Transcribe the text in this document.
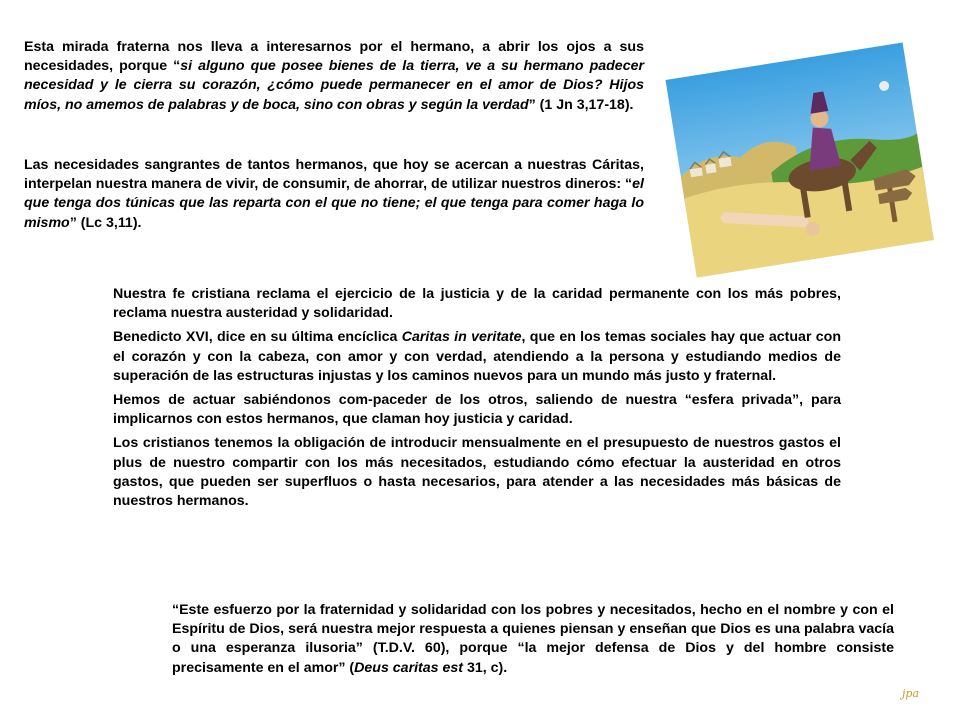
Esta mirada fraterna nos lleva a interesarnos por el hermano, a abrir los ojos a sus necesidades, porque “si alguno que posee bienes de la tierra, ve a su hermano padecer necesidad y le cierra su corazón, ¿cómo puede permanecer en el amor de Dios? Hijos míos, no amemos de palabras y de boca, sino con obras y según la verdad” (1 Jn 3,17-18).
Las necesidades sangrantes de tantos hermanos, que hoy se acercan a nuestras Cáritas, interpelan nuestra manera de vivir, de consumir, de ahorrar, de utilizar nuestros dineros: “el que tenga dos túnicas que las reparta con el que no tiene; el que tenga para comer haga lo mismo” (Lc 3,11).

Nuestra fe cristiana reclama el ejercicio de la justicia y de la caridad permanente con los más pobres, reclama nuestra austeridad y solidaridad.

Benedicto XVI, dice en su última encíclica Caritas in veritate, que en los temas sociales hay que actuar con el corazón y con la cabeza, con amor y con verdad, atendiendo a la persona y estudiando medios de superación de las estructuras injustas y los caminos nuevos para un mundo más justo y fraternal.

Hemos de actuar sabiéndonos com-paceder de los otros, saliendo de nuestra “esfera privada”, para implicarnos con estos hermanos, que claman hoy justicia y caridad.

Los cristianos tenemos la obligación de introducir mensualmente en el presupuesto de nuestros gastos el plus de nuestro compartir con los más necesitados, estudiando cómo efectuar la austeridad en otros gastos, que pueden ser superfluos o hasta necesarios, para atender a las necesidades más básicas de nuestros hermanos.

“Este esfuerzo por la fraternidad y solidaridad con los pobres y necesitados, hecho en el nombre y con el Espíritu de Dios, será nuestra mejor respuesta a quienes piensan y enseñan que Dios es una palabra vacía o una esperanza ilusoria” (T.D.V. 60), porque “la mejor defensa de Dios y del hombre consiste precisamente en el amor” (Deus caritas est 31, c).
jpa
